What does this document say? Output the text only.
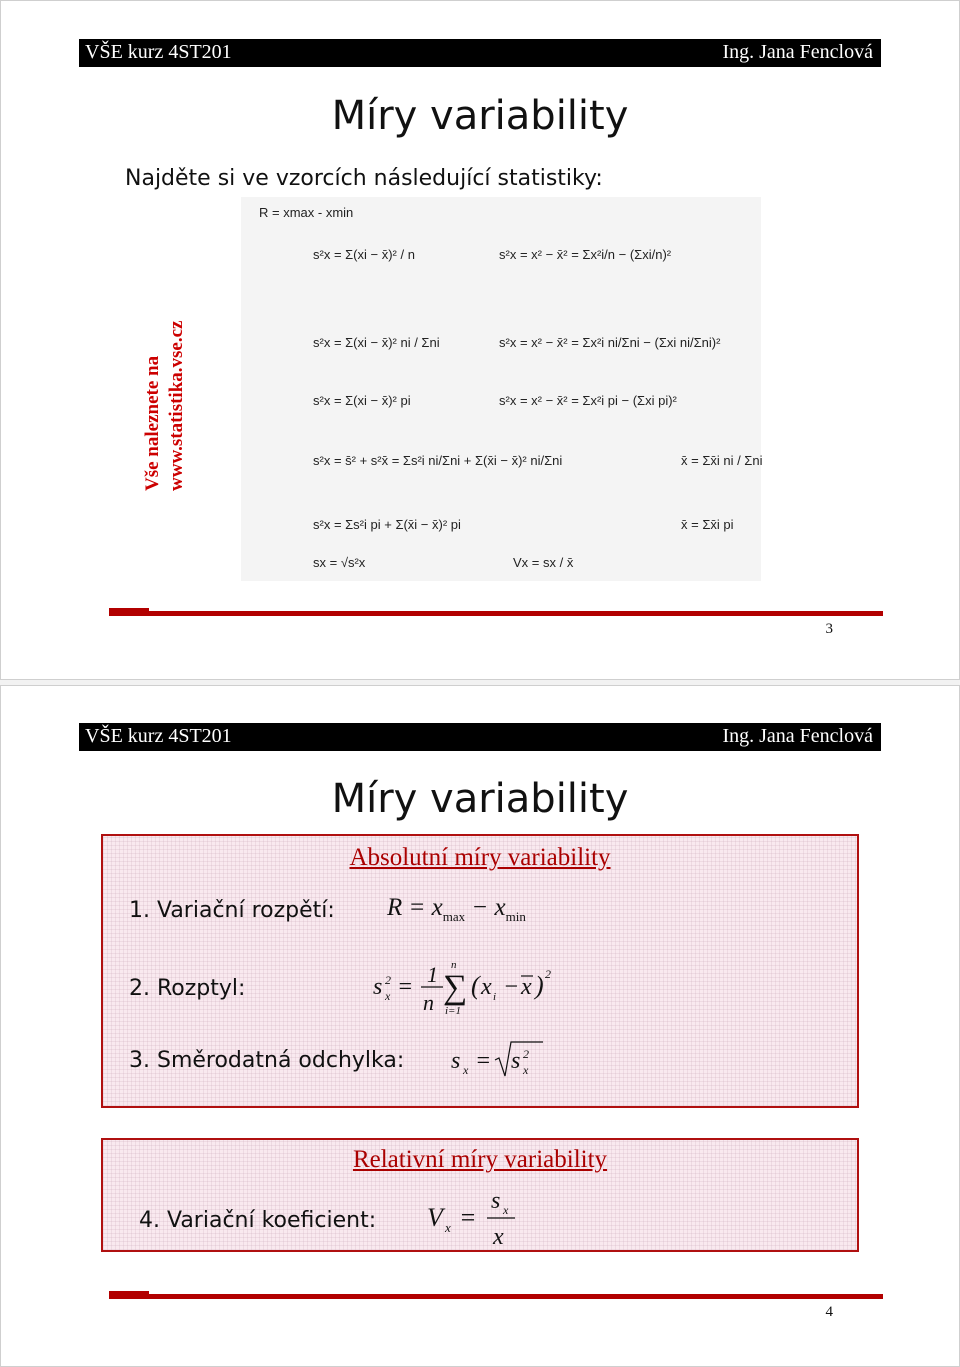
VŠE kurz 4ST201	Ing. Jana Fenclová
Míry variability
Najděte si ve vzorcích následující statistiky:
Vše naleznete na www.statistika.vse.cz
R = xmax - xmin
s²x = Σ(xi − x̄)² / n	s²x = x² − x̄² = Σx²i/n − (Σxi/n)²
s²x = Σ(xi − x̄)² ni / Σni	s²x = x² − x̄² = Σx²i ni/Σni − (Σxi ni/Σni)²
s²x = Σ(xi − x̄)² pi	s²x = x² − x̄² = Σx²i pi − (Σxi pi)²
s²x = s̄² + s²x̄ = Σs²i ni/Σni + Σ(x̄i − x̄)² ni/Σni	x̄ = Σx̄i ni / Σni
s²x = Σs²i pi + Σ(x̄i − x̄)² pi	x̄ = Σx̄i pi
sx = √s²x	Vx = sx / x̄
3
VŠE kurz 4ST201	Ing. Jana Fenclová
Míry variability
Absolutní míry variability
1. Variační rozpětí: $R = x_{max} - x_{min}$
2. Rozptyl:	s 2
x = 1
n
n
∑
i=1
( x i − x ) 2
3. Směrodatná odchylka: s x = s 2
x
Relativní míry variability
4. Variační koeficient: V x =
s x
x
4
